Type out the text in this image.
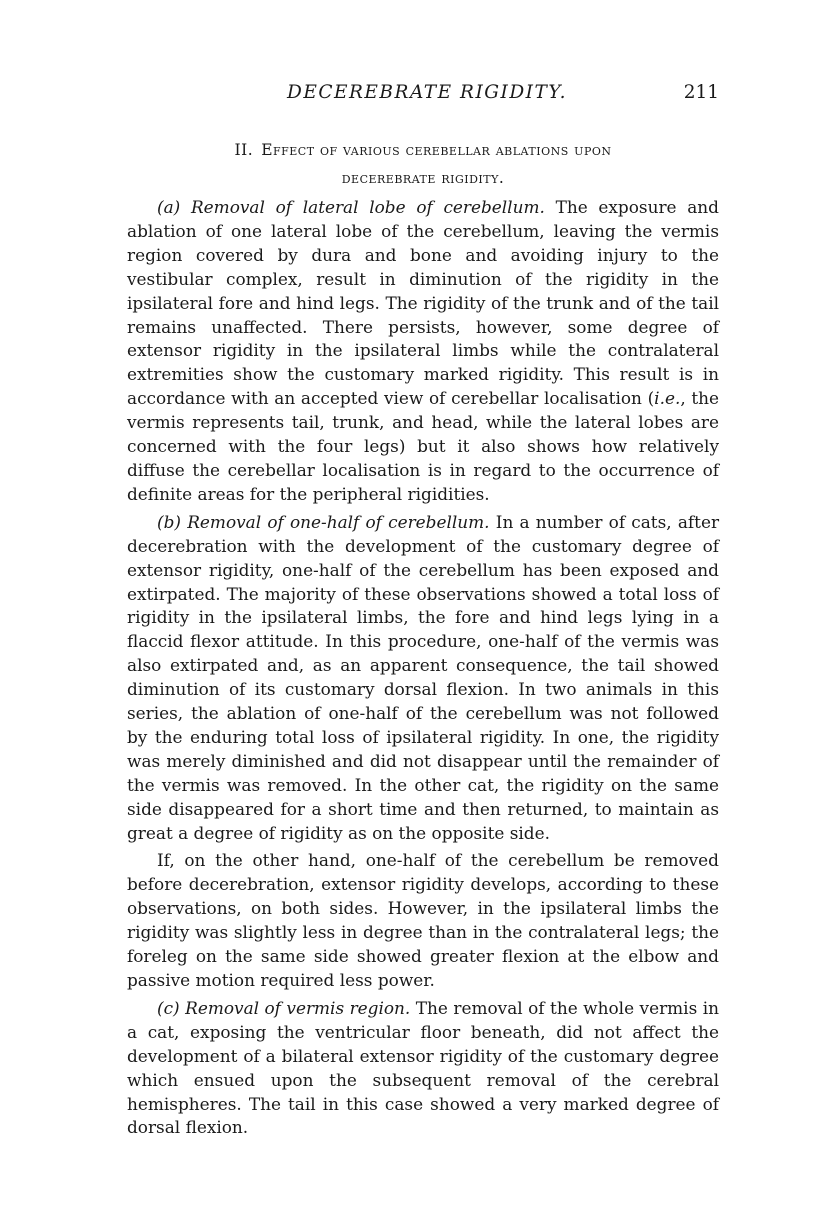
DECEREBRATE RIGIDITY.	211
II. Effect of various cerebellar ablations upon
decerebrate rigidity.

(a) Removal of lateral lobe of cerebellum. The exposure and ablation of one lateral lobe of the cerebellum, leaving the vermis region covered by dura and bone and avoiding injury to the vestibular complex, result in diminution of the rigidity in the ipsilateral fore and hind legs. The rigidity of the trunk and of the tail remains unaffected. There persists, however, some degree of extensor rigidity in the ipsilateral limbs while the contralateral extremities show the customary marked rigidity. This result is in accordance with an accepted view of cerebellar localisation (i.e., the vermis represents tail, trunk, and head, while the lateral lobes are concerned with the four legs) but it also shows how relatively diffuse the cerebellar localisation is in regard to the occurrence of definite areas for the peripheral rigidities.

(b) Removal of one-half of cerebellum. In a number of cats, after decerebration with the development of the customary degree of extensor rigidity, one-half of the cerebellum has been exposed and extirpated. The majority of these observations showed a total loss of rigidity in the ipsilateral limbs, the fore and hind legs lying in a flaccid flexor attitude. In this procedure, one-half of the vermis was also extirpated and, as an apparent consequence, the tail showed diminution of its customary dorsal flexion. In two animals in this series, the ablation of one-half of the cerebellum was not followed by the enduring total loss of ipsilateral rigidity. In one, the rigidity was merely diminished and did not disappear until the remainder of the vermis was removed. In the other cat, the rigidity on the same side disappeared for a short time and then returned, to maintain as great a degree of rigidity as on the opposite side.

If, on the other hand, one-half of the cerebellum be removed before decerebration, extensor rigidity develops, according to these observations, on both sides. However, in the ipsilateral limbs the rigidity was slightly less in degree than in the contralateral legs; the foreleg on the same side showed greater flexion at the elbow and passive motion required less power.

(c) Removal of vermis region. The removal of the whole vermis in a cat, exposing the ventricular floor beneath, did not affect the development of a bilateral extensor rigidity of the customary degree which ensued upon the subsequent removal of the cerebral hemispheres. The tail in this case showed a very marked degree of dorsal flexion.
